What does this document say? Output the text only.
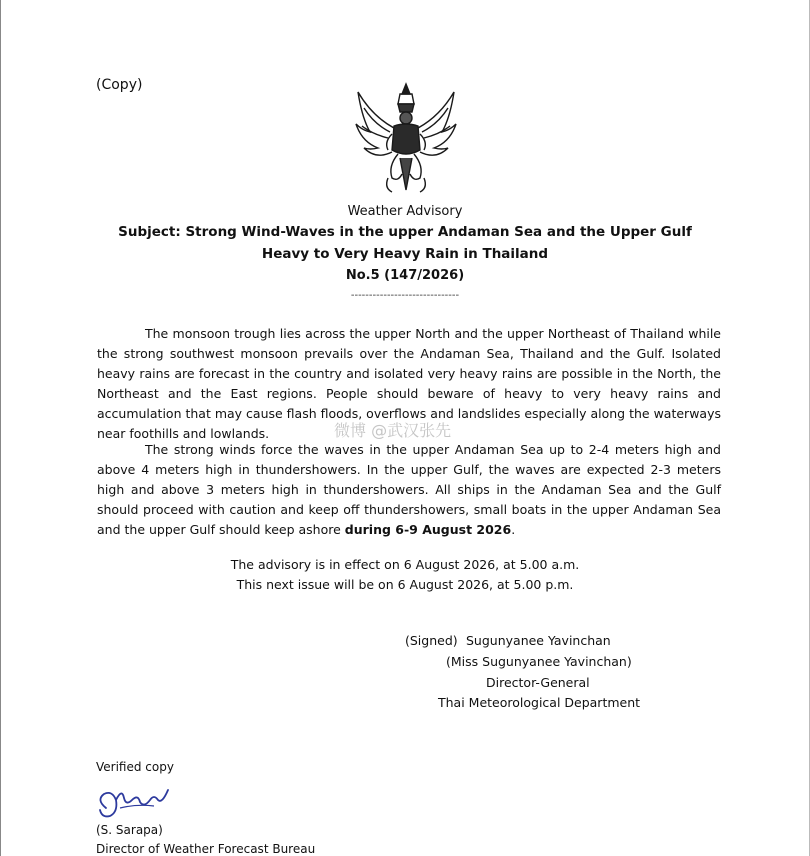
(Copy)
Weather Advisory
Subject: Strong Wind-Waves in the upper Andaman Sea and the Upper Gulf
Heavy to Very Heavy Rain in Thailand
No.5 (147/2026)
------------------------------

The monsoon trough lies across the upper North and the upper Northeast of Thailand while the strong southwest monsoon prevails over the Andaman Sea, Thailand and the Gulf. Isolated heavy rains are forecast in the country and isolated very heavy rains are possible in the North, the Northeast and the East regions. People should beware of heavy to very heavy rains and accumulation that may cause flash floods, overflows and landslides especially along the waterways near foothills and lowlands.

The strong winds force the waves in the upper Andaman Sea up to 2-4 meters high and above 4 meters high in thundershowers. In the upper Gulf, the waves are expected 2-3 meters high and above 3 meters high in thundershowers. All ships in the Andaman Sea and the Gulf should proceed with caution and keep off thundershowers, small boats in the upper Andaman Sea and the upper Gulf should keep ashore during 6-9 August 2026.

微博 @武汉张先
The advisory is in effect on 6 August 2026, at 5.00 a.m.
This next issue will be on 6 August 2026, at 5.00 p.m.
(Signed) Sugunyanee Yavinchan
(Miss Sugunyanee Yavinchan)
Director-General
Thai Meteorological Department
Verified copy
(S. Sarapa)
Director of Weather Forecast Bureau
